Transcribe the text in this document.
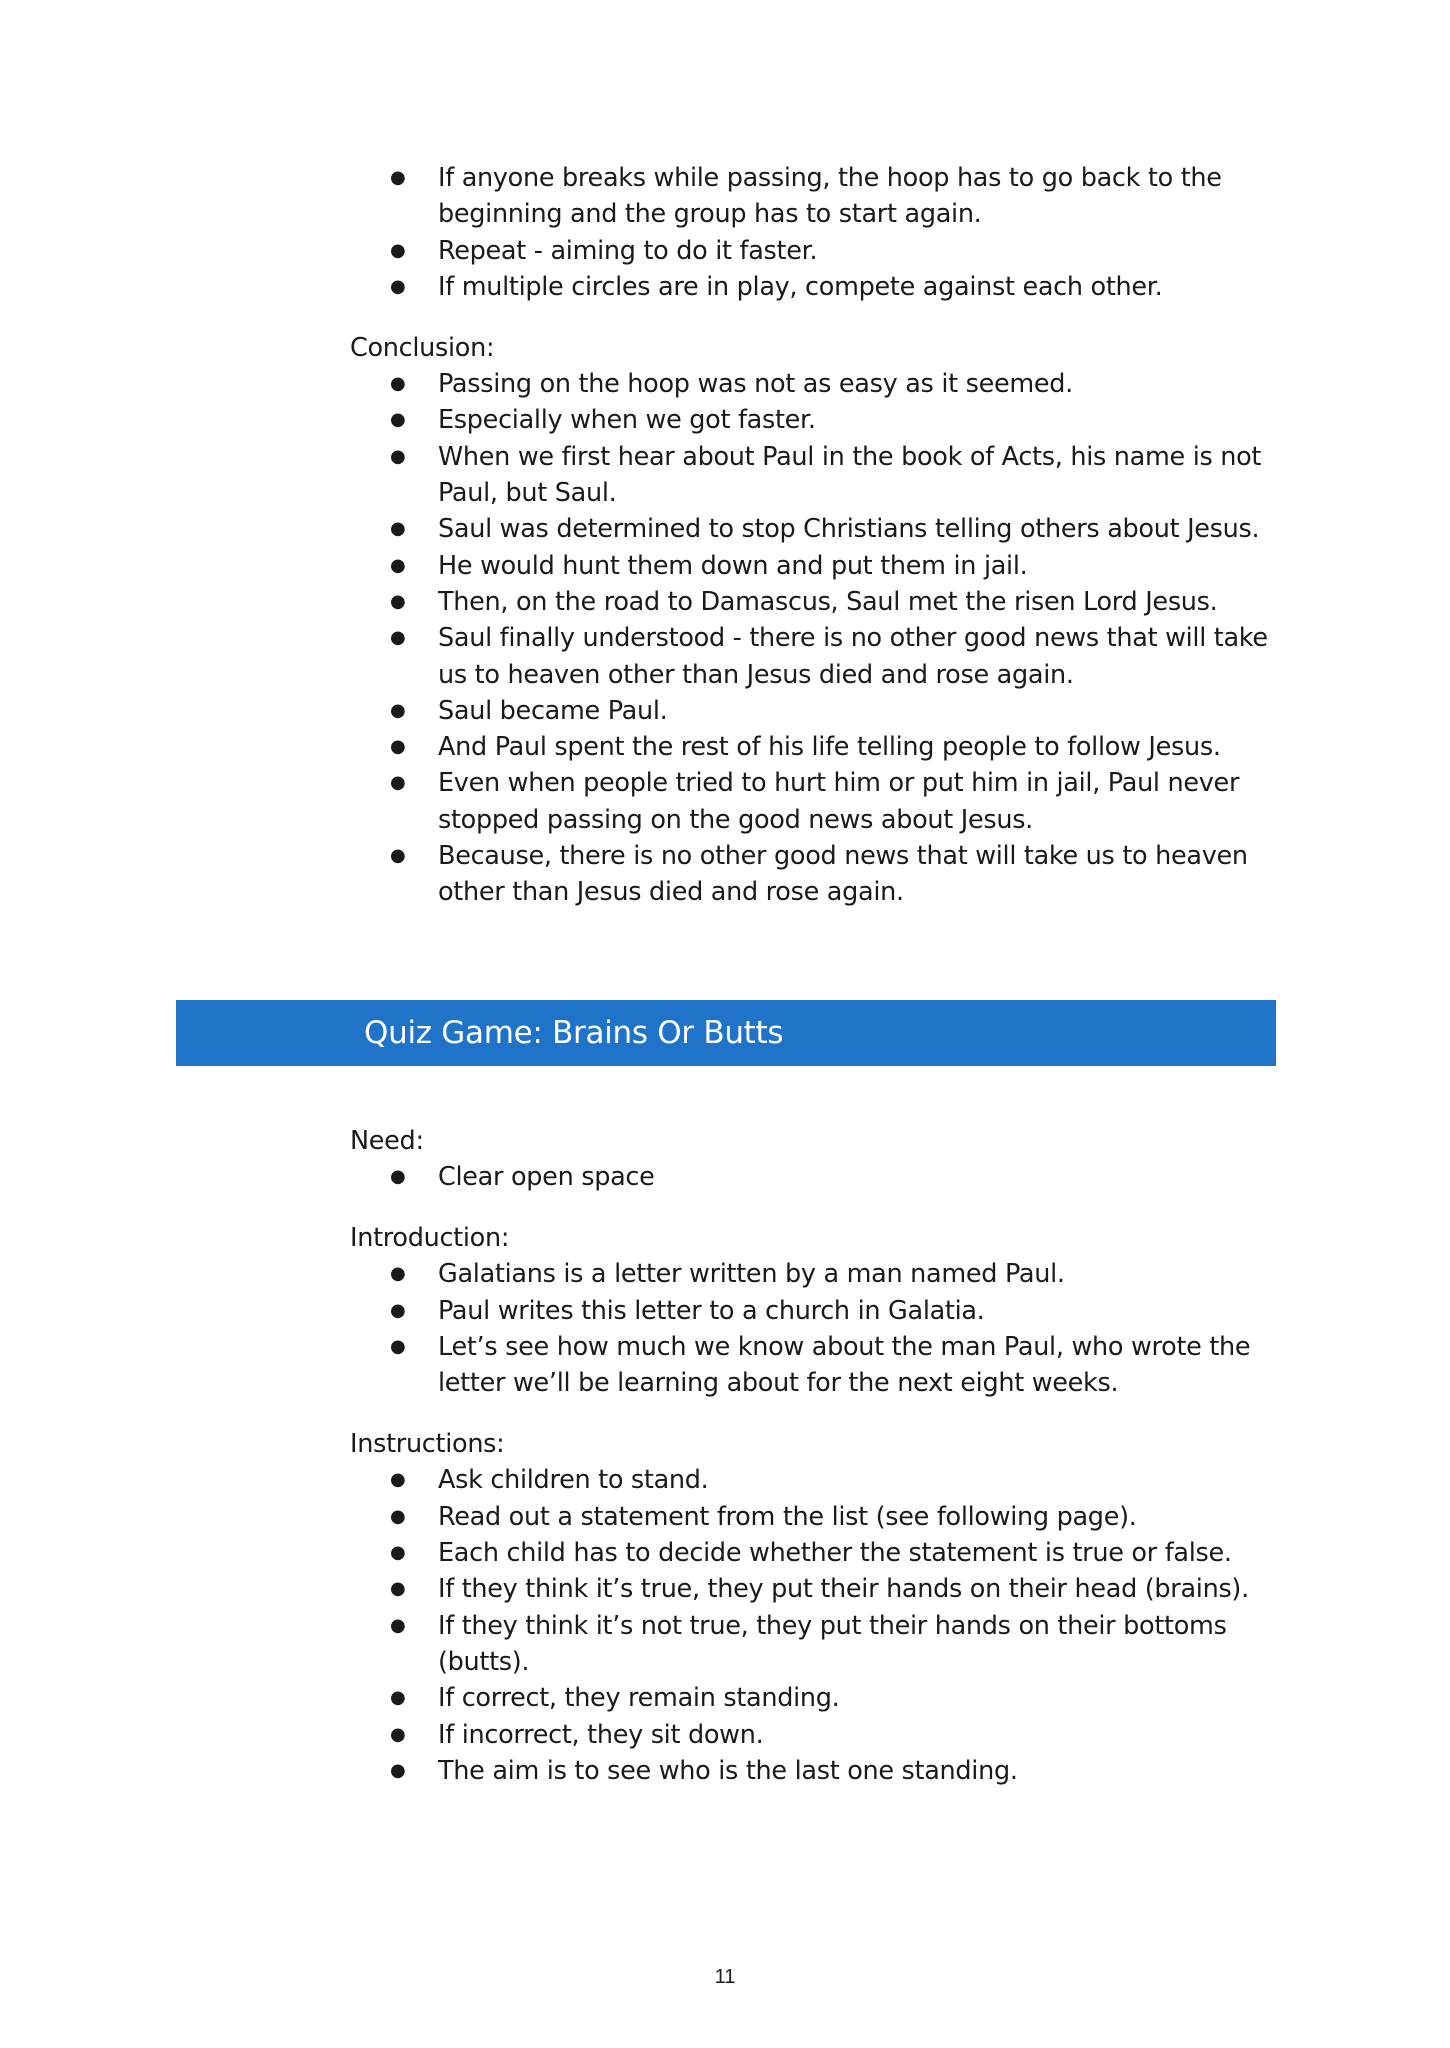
● If anyone breaks while passing, the hoop has to go back to the beginning and the group has to start again.
● Repeat - aiming to do it faster.
● If multiple circles are in play, compete against each other.

Conclusion:

● Passing on the hoop was not as easy as it seemed.
● Especially when we got faster.
● When we first hear about Paul in the book of Acts, his name is not Paul, but Saul.
● Saul was determined to stop Christians telling others about Jesus.
● He would hunt them down and put them in jail.
● Then, on the road to Damascus, Saul met the risen Lord Jesus.
● Saul finally understood - there is no other good news that will take us to heaven other than Jesus died and rose again.
● Saul became Paul.
● And Paul spent the rest of his life telling people to follow Jesus.
● Even when people tried to hurt him or put him in jail, Paul never stopped passing on the good news about Jesus.
● Because, there is no other good news that will take us to heaven other than Jesus died and rose again.
Quiz Game: Brains Or Butts

Need:

● Clear open space

Introduction:

● Galatians is a letter written by a man named Paul.
● Paul writes this letter to a church in Galatia.
● Let’s see how much we know about the man Paul, who wrote the letter we’ll be learning about for the next eight weeks.

Instructions:

● Ask children to stand.
● Read out a statement from the list (see following page).
● Each child has to decide whether the statement is true or false.
● If they think it’s true, they put their hands on their head (brains).
● If they think it’s not true, they put their hands on their bottoms (butts).
● If correct, they remain standing.
● If incorrect, they sit down.
● The aim is to see who is the last one standing.
11
